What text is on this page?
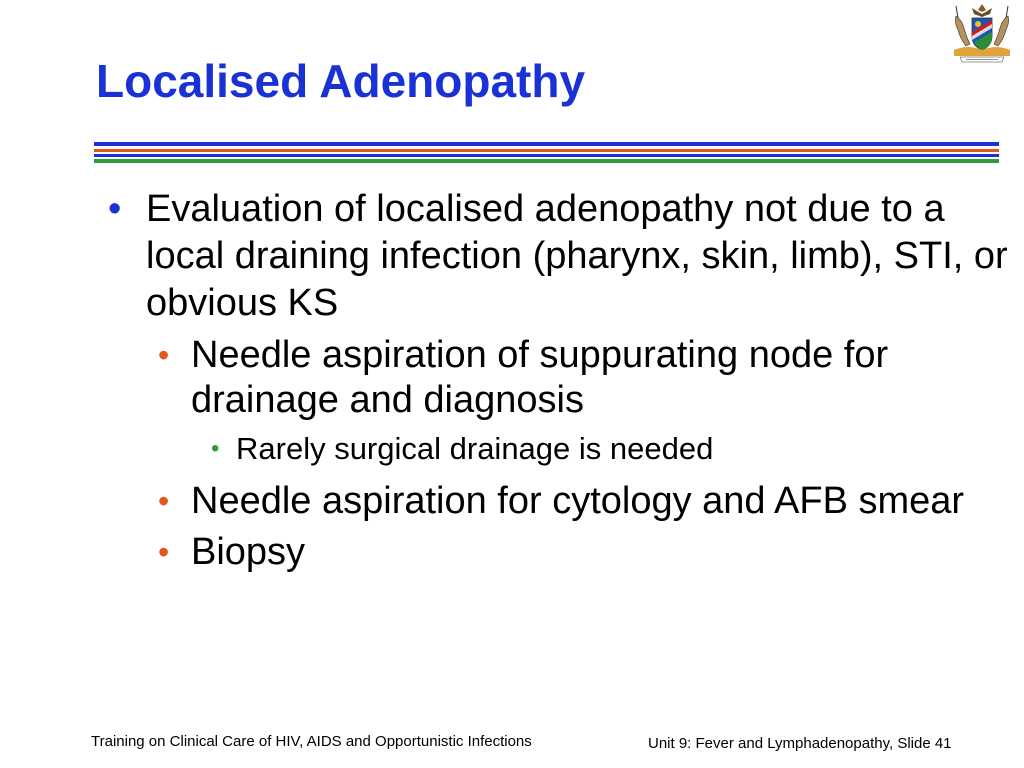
Localised Adenopathy
• Evaluation of localised adenopathy not due to a local draining infection (pharynx, skin, limb), STI, or obvious KS
• Needle aspiration of suppurating node for drainage and diagnosis
• Rarely surgical drainage is needed
• Needle aspiration for cytology and AFB smear
• Biopsy
Training on Clinical Care of HIV, AIDS and Opportunistic Infections	Unit 9: Fever and Lymphadenopathy, Slide 41
